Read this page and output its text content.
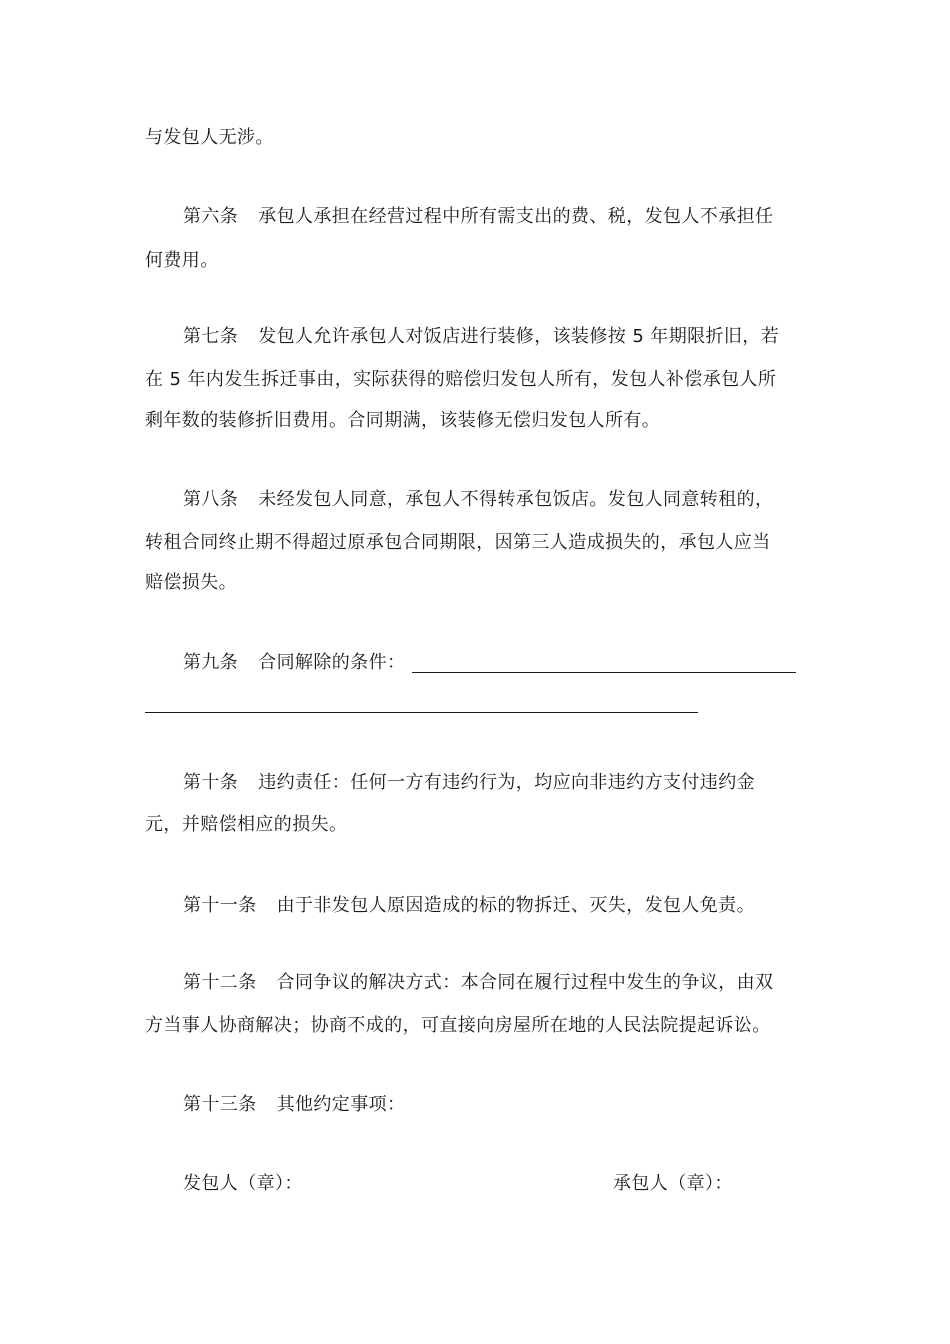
与发包人无涉。
第六条 承包人承担在经营过程中所有需支出的费、税，发包人不承担任
何费用。
第七条 发包人允许承包人对饭店进行装修，该装修按 5 年期限折旧，若
在 5 年内发生拆迁事由，实际获得的赔偿归发包人所有，发包人补偿承包人所
剩年数的装修折旧费用。合同期满，该装修无偿归发包人所有。
第八条 未经发包人同意，承包人不得转承包饭店。发包人同意转租的，
转租合同终止期不得超过原承包合同期限，因第三人造成损失的，承包人应当
赔偿损失。
第九条 合同解除的条件：
第十条 违约责任：任何一方有违约行为，均应向非违约方支付违约金
元，并赔偿相应的损失。
第十一条 由于非发包人原因造成的标的物拆迁、灭失，发包人免责。
第十二条 合同争议的解决方式：本合同在履行过程中发生的争议，由双
方当事人协商解决；协商不成的，可直接向房屋所在地的人民法院提起诉讼。
第十三条 其他约定事项：
发包人（章）：	承包人（章）：
